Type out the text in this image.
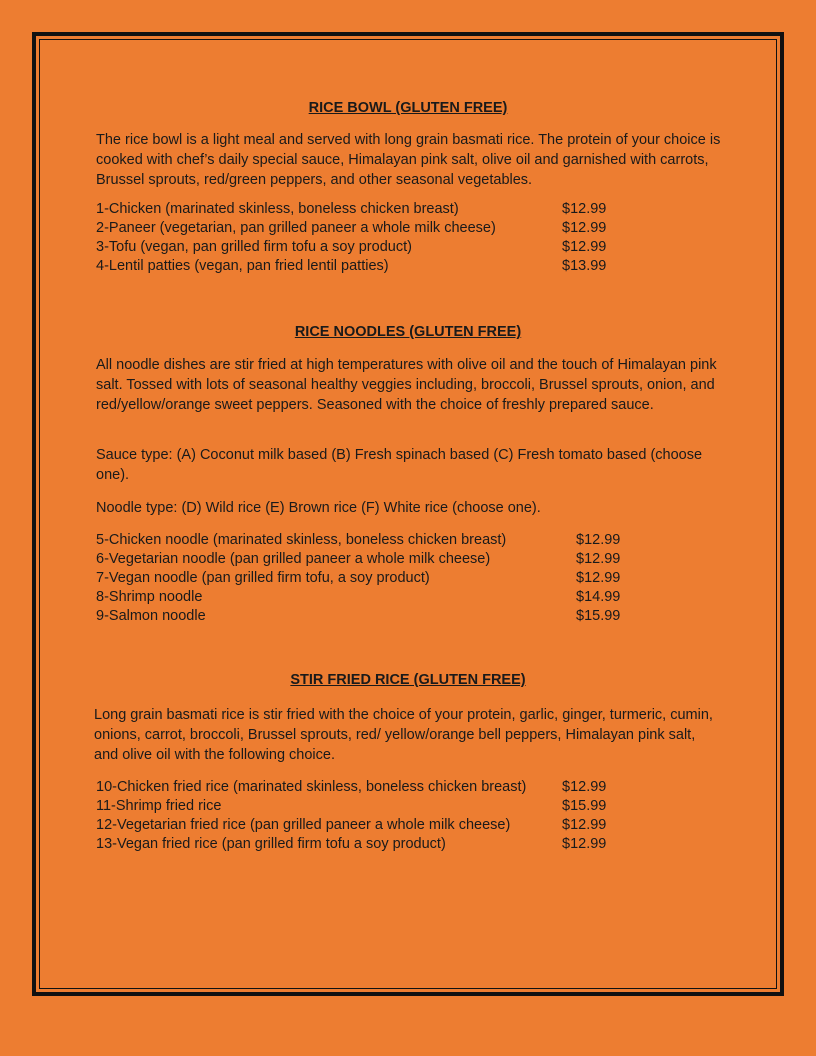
RICE BOWL (GLUTEN FREE)

The rice bowl is a light meal and served with long grain basmati rice. The protein of your choice is cooked with chef’s daily special sauce, Himalayan pink salt, olive oil and garnished with carrots, Brussel sprouts, red/green peppers, and other seasonal vegetables.

1-Chicken (marinated skinless, boneless chicken breast)	$12.99
2-Paneer (vegetarian, pan grilled paneer a whole milk cheese)	$12.99
3-Tofu (vegan, pan grilled firm tofu a soy product)	$12.99
4-Lentil patties (vegan, pan fried lentil patties)	$13.99
RICE NOODLES (GLUTEN FREE)

All noodle dishes are stir fried at high temperatures with olive oil and the touch of Himalayan pink salt. Tossed with lots of seasonal healthy veggies including, broccoli, Brussel sprouts, onion, and red/yellow/orange sweet peppers. Seasoned with the choice of freshly prepared sauce.

Sauce type: (A) Coconut milk based (B) Fresh spinach based (C) Fresh tomato based (choose one).

Noodle type: (D) Wild rice (E) Brown rice (F) White rice (choose one).

5-Chicken noodle (marinated skinless, boneless chicken breast)	$12.99
6-Vegetarian noodle (pan grilled paneer a whole milk cheese)	$12.99
7-Vegan noodle (pan grilled firm tofu, a soy product)	$12.99
8-Shrimp noodle	$14.99
9-Salmon noodle	$15.99
STIR FRIED RICE (GLUTEN FREE)

Long grain basmati rice is stir fried with the choice of your protein, garlic, ginger, turmeric, cumin, onions, carrot, broccoli, Brussel sprouts, red/ yellow/orange bell peppers, Himalayan pink salt, and olive oil with the following choice.

10-Chicken fried rice (marinated skinless, boneless chicken breast) $12.99
11-Shrimp fried rice	$15.99
12-Vegetarian fried rice (pan grilled paneer a whole milk cheese)	$12.99
13-Vegan fried rice (pan grilled firm tofu a soy product)	$12.99
